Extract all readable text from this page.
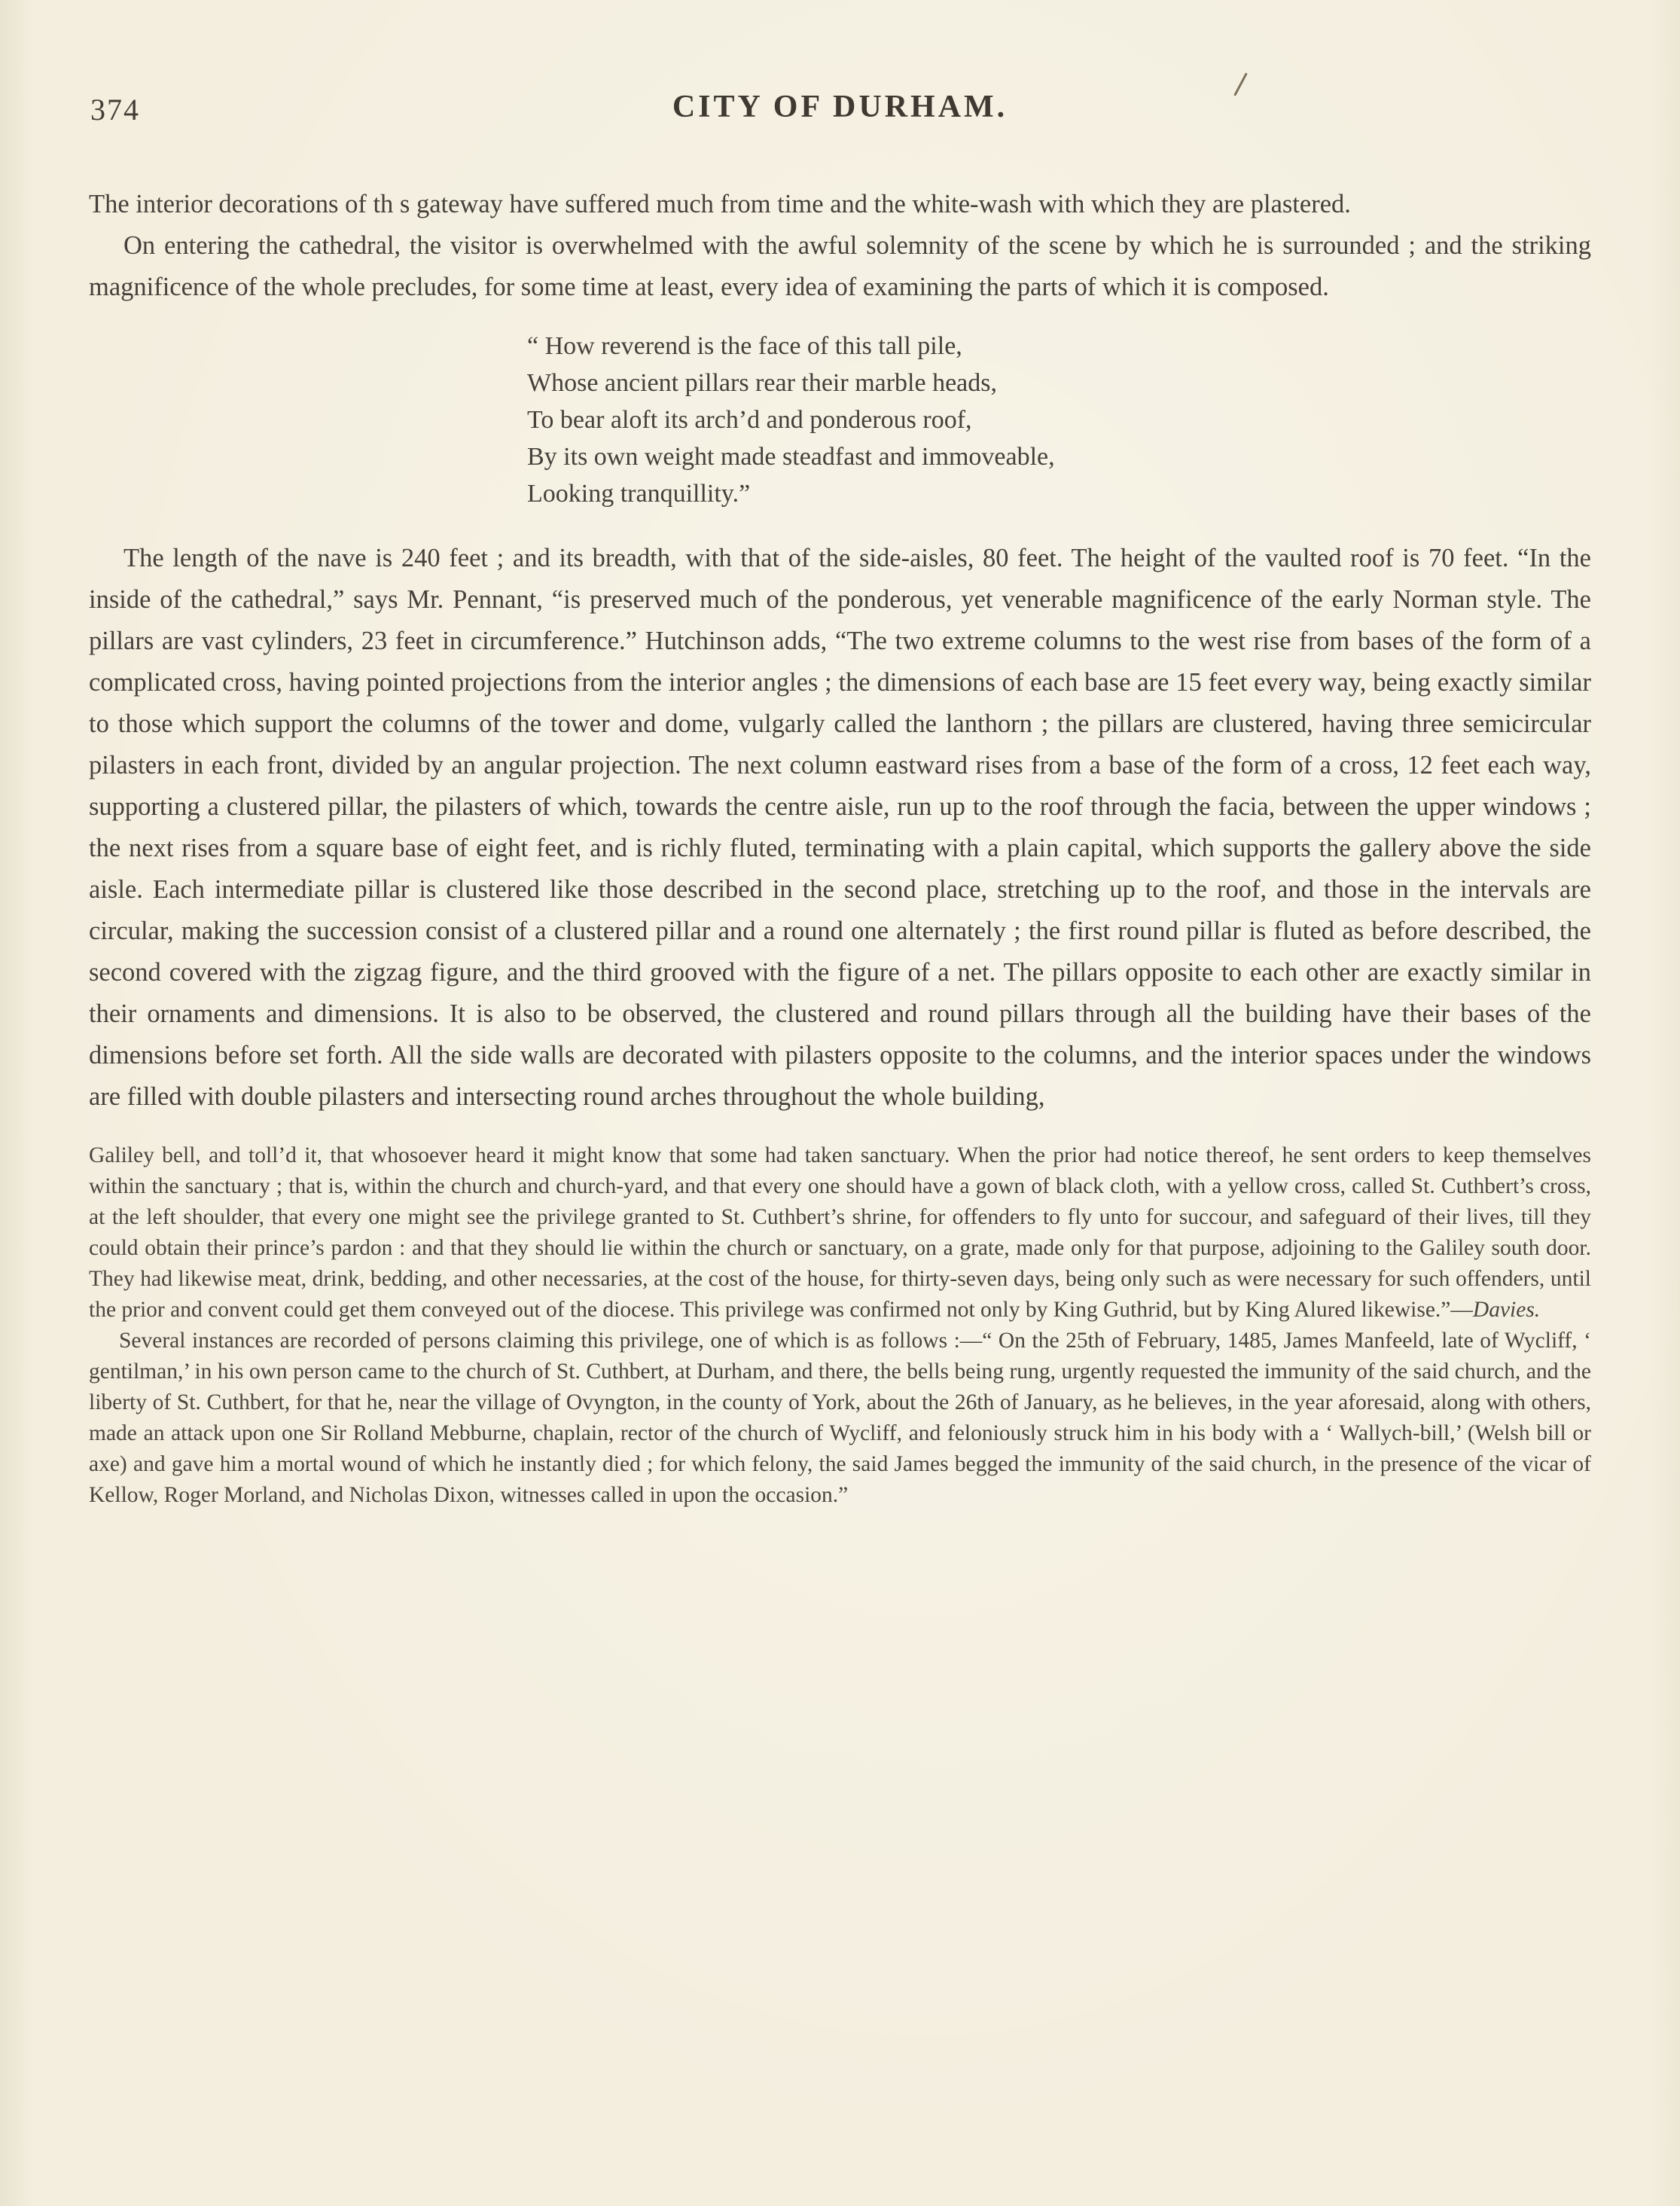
374	CITY OF DURHAM.

The interior decorations of th s gateway have suffered much from time and the white-wash with which they are plastered.

On entering the cathedral, the visitor is overwhelmed with the awful solemnity of the scene by which he is surrounded ; and the striking magnificence of the whole precludes, for some time at least, every idea of examining the parts of which it is composed.

“ How reverend is the face of this tall pile,
Whose ancient pillars rear their marble heads,
To bear aloft its arch’d and ponderous roof,
By its own weight made steadfast and immoveable,
Looking tranquillity.”

The length of the nave is 240 feet ; and its breadth, with that of the side-aisles, 80 feet. The height of the vaulted roof is 70 feet. “In the inside of the cathedral,” says Mr. Pennant, “is preserved much of the ponderous, yet venerable magnificence of the early Norman style. The pillars are vast cylinders, 23 feet in circumference.” Hutchinson adds, “The two extreme columns to the west rise from bases of the form of a complicated cross, having pointed projections from the interior angles ; the dimensions of each base are 15 feet every way, being exactly similar to those which support the columns of the tower and dome, vulgarly called the lanthorn ; the pillars are clustered, having three semicircular pilasters in each front, divided by an angular projection. The next column eastward rises from a base of the form of a cross, 12 feet each way, supporting a clustered pillar, the pilasters of which, towards the centre aisle, run up to the roof through the facia, between the upper windows ; the next rises from a square base of eight feet, and is richly fluted, terminating with a plain capital, which supports the gallery above the side aisle. Each intermediate pillar is clustered like those described in the second place, stretching up to the roof, and those in the intervals are circular, making the succession consist of a clustered pillar and a round one alternately ; the first round pillar is fluted as before described, the second covered with the zigzag figure, and the third grooved with the figure of a net. The pillars opposite to each other are exactly similar in their ornaments and dimensions. It is also to be observed, the clustered and round pillars through all the building have their bases of the dimensions before set forth. All the side walls are decorated with pilasters opposite to the columns, and the interior spaces under the windows are filled with double pilasters and intersecting round arches throughout the whole building,

Galiley bell, and toll’d it, that whosoever heard it might know that some had taken sanctuary. When the prior had notice thereof, he sent orders to keep themselves within the sanctuary ; that is, within the church and church-yard, and that every one should have a gown of black cloth, with a yellow cross, called St. Cuthbert’s cross, at the left shoulder, that every one might see the privilege granted to St. Cuthbert’s shrine, for offenders to fly unto for succour, and safeguard of their lives, till they could obtain their prince’s pardon : and that they should lie within the church or sanctuary, on a grate, made only for that purpose, adjoining to the Galiley south door. They had likewise meat, drink, bedding, and other necessaries, at the cost of the house, for thirty-seven days, being only such as were necessary for such offenders, until the prior and convent could get them conveyed out of the diocese. This privilege was confirmed not only by King Guthrid, but by King Alured likewise.”—Davies.

Several instances are recorded of persons claiming this privilege, one of which is as follows :—“ On the 25th of February, 1485, James Manfeeld, late of Wycliff, ‘ gentilman,’ in his own person came to the church of St. Cuthbert, at Durham, and there, the bells being rung, urgently requested the immunity of the said church, and the liberty of St. Cuthbert, for that he, near the village of Ovyngton, in the county of York, about the 26th of January, as he believes, in the year aforesaid, along with others, made an attack upon one Sir Rolland Mebburne, chaplain, rector of the church of Wycliff, and feloniously struck him in his body with a ‘ Wallych-bill,’ (Welsh bill or axe) and gave him a mortal wound of which he instantly died ; for which felony, the said James begged the immunity of the said church, in the presence of the vicar of Kellow, Roger Morland, and Nicholas Dixon, witnesses called in upon the occasion.”
